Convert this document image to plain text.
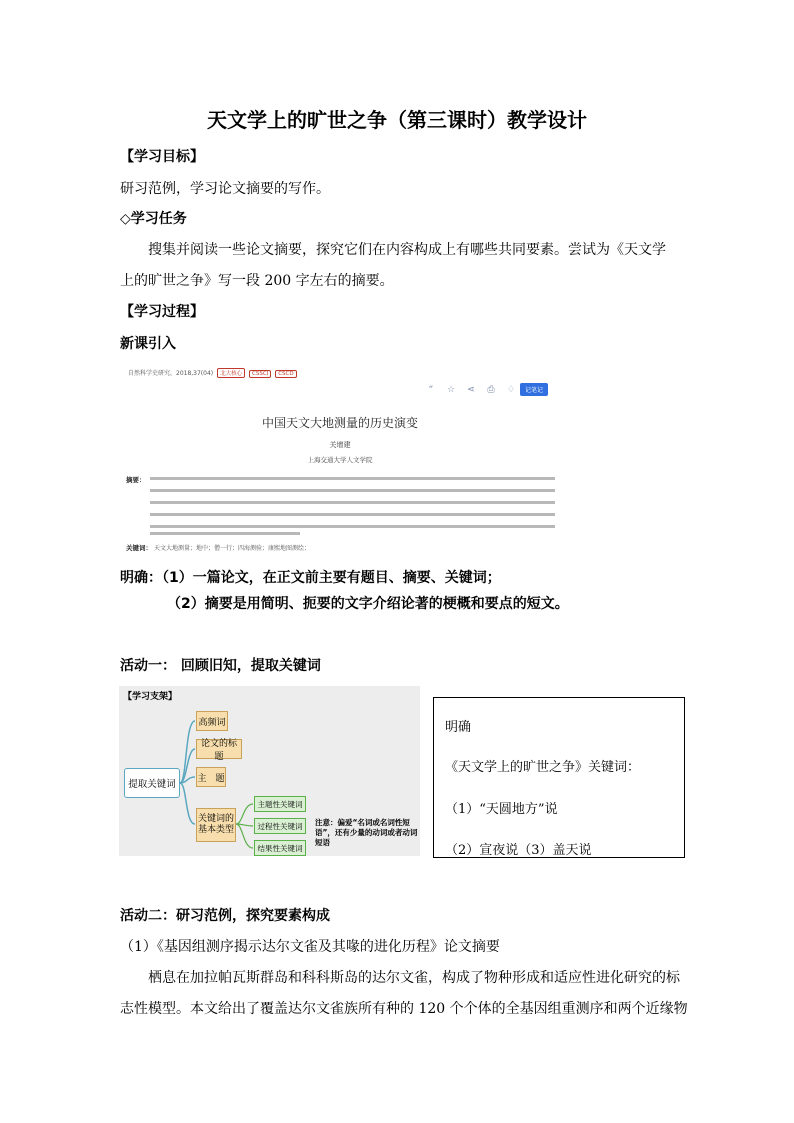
天文学上的旷世之争（第三课时）教学设计
【学习目标】
研习范例，学习论文摘要的写作。
◇学习任务
搜集并阅读一些论文摘要，探究它们在内容构成上有哪些共同要素。尝试为《天文学
上的旷世之争》写一段 200 字左右的摘要。
【学习过程】
新课引入
自然科学史研究，2018,37(04) 北大核心 CSSCI CSCD
“	☆ ⋖ ⎙ ♢	记笔记
中国天文大地测量的历史演变
关增建
上海交通大学人文学院
摘要：
关键词： 天文大地测量；地中；僧一行；四海测验；康熙地图测绘；
明确：（1）一篇论文，在正文前主要有题目、摘要、关键词；
（2）摘要是用简明、扼要的文字介绍论著的梗概和要点的短文。
活动一： 回顾旧知，提取关键词
【学习支架】
提取关键词
高频词
论文的标题
主　题
关键词的
基本类型
主题性关键词
过程性关键词
结果性关键词
注意：偏爱“名词或名词性短语”，还有少量的动词或者动词短语
明确
《天文学上的旷世之争》关键词：
（1）“天圆地方”说
（2）宣夜说（3）盖天说
活动二：研习范例，探究要素构成
（1）《基因组测序揭示达尔文雀及其喙的进化历程》论文摘要
栖息在加拉帕瓦斯群岛和科科斯岛的达尔文雀，构成了物种形成和适应性进化研究的标
志性模型。本文给出了覆盖达尔文雀族所有种的 120 个个体的全基因组重测序和两个近缘物
